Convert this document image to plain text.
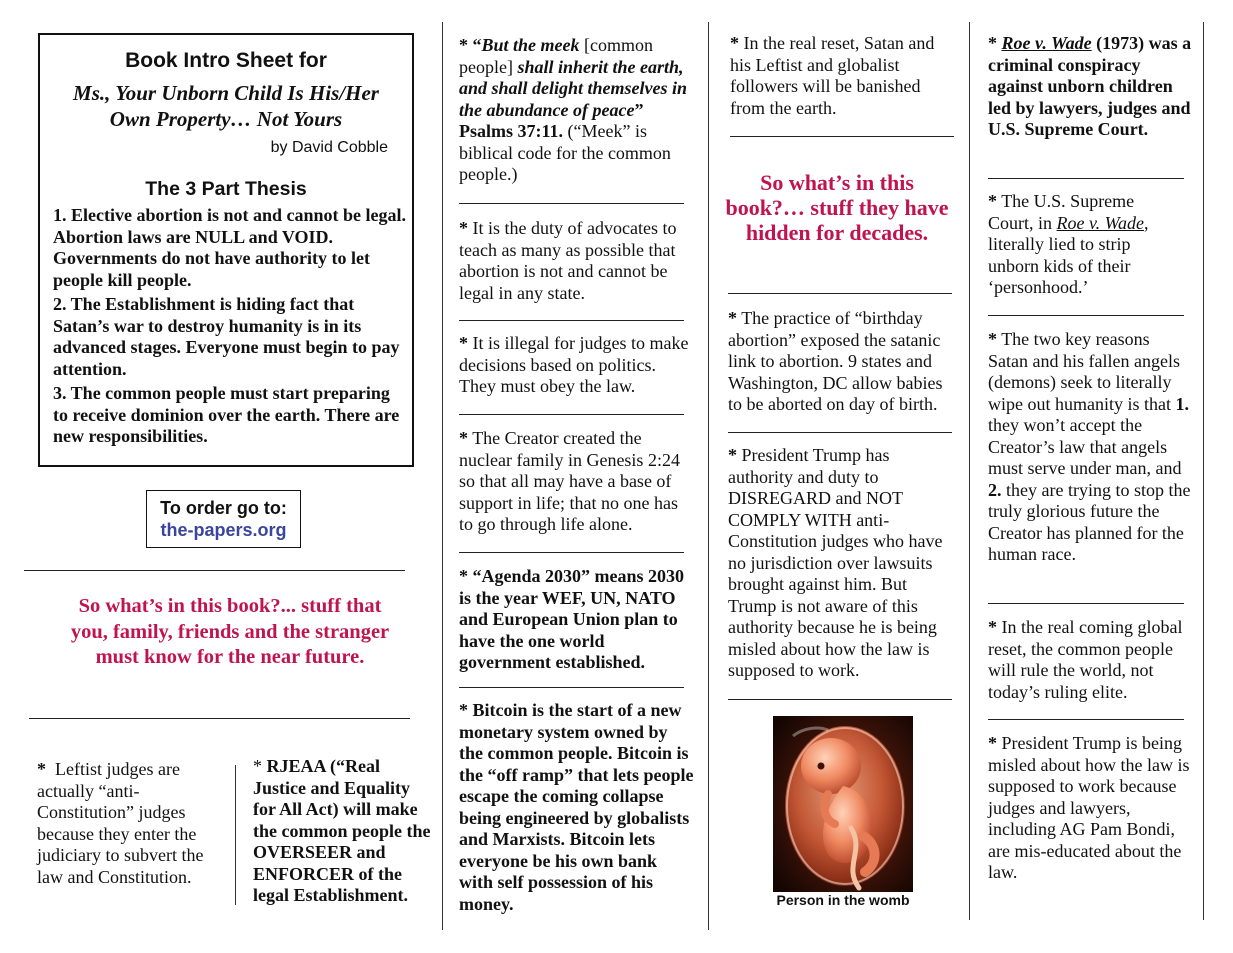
Book Intro Sheet for
Ms., Your Unborn Child Is His/Her Own Property… Not Yours
by David Cobble
The 3 Part Thesis

1. Elective abortion is not and cannot be legal. Abortion laws are NULL and VOID. Governments do not have authority to let people kill people.

2. The Establishment is hiding fact that Satan’s war to destroy humanity is in its advanced stages. Everyone must begin to pay attention.

3. The common people must start preparing to receive dominion over the earth. There are new responsibilities.

To order go to:
the-papers.org
So what’s in this book?... stuff that you, family, friends and the stranger must know for the near future.
* Leftist judges are actually “anti-Constitution” judges because they enter the judiciary to subvert the law and Constitution.
* RJEAA (“Real Justice and Equality for All Act) will make the common people the OVERSEER and ENFORCER of the legal Establishment.
* “But the meek [common people] shall inherit the earth, and shall delight themselves in the abundance of peace” Psalms 37:11. (“Meek” is biblical code for the common people.)
* It is the duty of advocates to teach as many as possible that abortion is not and cannot be legal in any state.
* It is illegal for judges to make decisions based on politics. They must obey the law.
* The Creator created the nuclear family in Genesis 2:24 so that all may have a base of support in life; that no one has to go through life alone.
* “Agenda 2030” means 2030 is the year WEF, UN, NATO and European Union plan to have the one world government established.
* Bitcoin is the start of a new monetary system owned by the common people. Bitcoin is the “off ramp” that lets people escape the coming collapse being engineered by globalists and Marxists. Bitcoin lets everyone be his own bank with self possession of his money.
* In the real reset, Satan and his Leftist and globalist followers will be banished from the earth.
So what’s in this book?… stuff they have hidden for decades.
* The practice of “birthday abortion” exposed the satanic link to abortion. 9 states and Washington, DC allow babies to be aborted on day of birth.
* President Trump has authority and duty to DISREGARD and NOT COMPLY WITH anti-Constitution judges who have no jurisdiction over lawsuits brought against him. But Trump is not aware of this authority because he is being misled about how the law is supposed to work.
Person in the womb
* Roe v. Wade (1973) was a criminal conspiracy against unborn children led by lawyers, judges and U.S. Supreme Court.
* The U.S. Supreme Court, in Roe v. Wade, literally lied to strip unborn kids of their ‘personhood.’
* The two key reasons Satan and his fallen angels (demons) seek to literally wipe out humanity is that 1. they won’t accept the Creator’s law that angels must serve under man, and 2. they are trying to stop the truly glorious future the Creator has planned for the human race.
* In the real coming global reset, the common people will rule the world, not today’s ruling elite.
* President Trump is being misled about how the law is supposed to work because judges and lawyers, including AG Pam Bondi, are mis-educated about the law.
